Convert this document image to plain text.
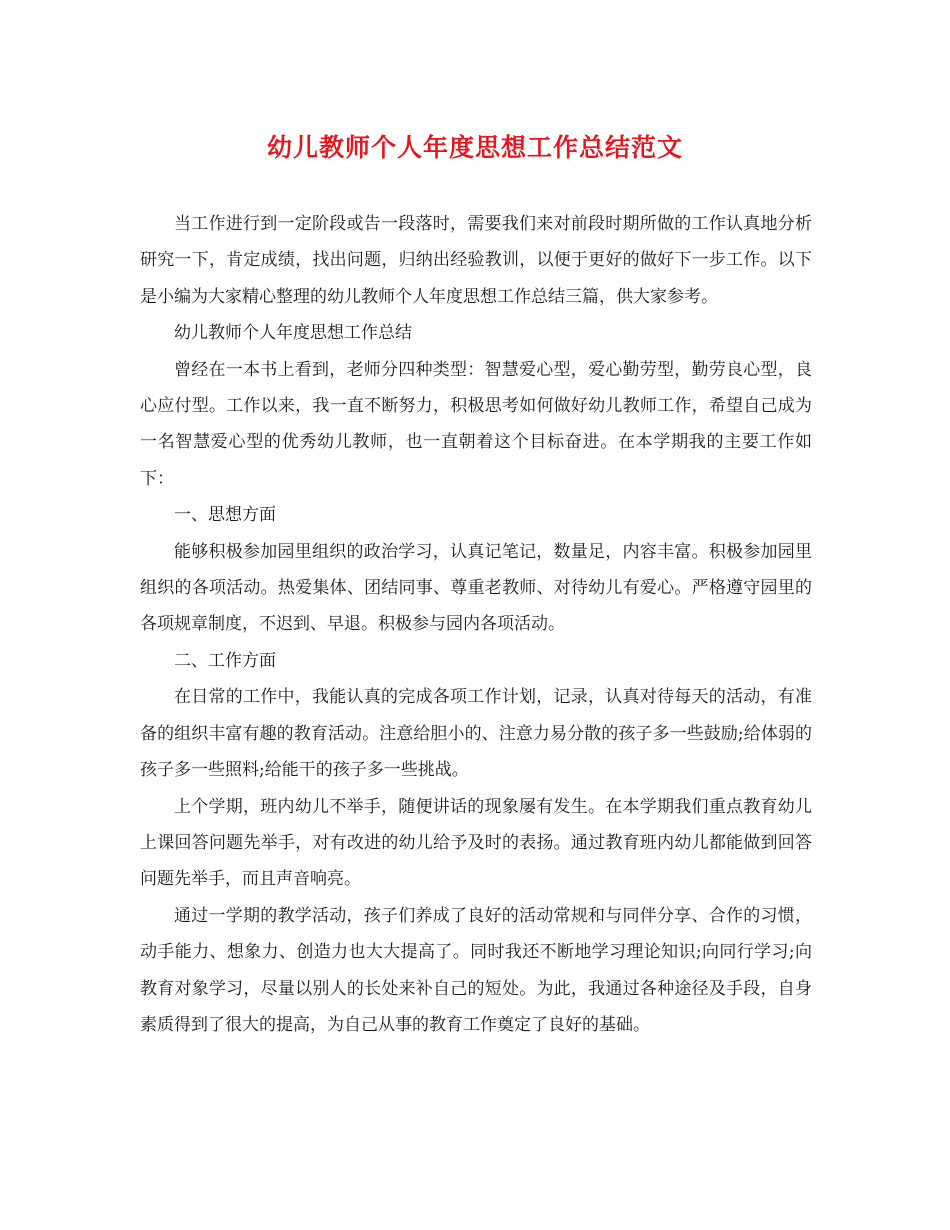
幼儿教师个人年度思想工作总结范文

当工作进行到一定阶段或告一段落时，需要我们来对前段时期所做的工作认真地分析研究一下，肯定成绩，找出问题，归纳出经验教训，以便于更好的做好下一步工作。以下是小编为大家精心整理的幼儿教师个人年度思想工作总结三篇，供大家参考。

幼儿教师个人年度思想工作总结

曾经在一本书上看到，老师分四种类型：智慧爱心型，爱心勤劳型，勤劳良心型，良心应付型。工作以来，我一直不断努力，积极思考如何做好幼儿教师工作，希望自己成为一名智慧爱心型的优秀幼儿教师，也一直朝着这个目标奋进。在本学期我的主要工作如下：

一、思想方面

能够积极参加园里组织的政治学习，认真记笔记，数量足，内容丰富。积极参加园里组织的各项活动。热爱集体、团结同事、尊重老教师、对待幼儿有爱心。严格遵守园里的各项规章制度，不迟到、早退。积极参与园内各项活动。

二、工作方面

在日常的工作中，我能认真的完成各项工作计划，记录，认真对待每天的活动，有准备的组织丰富有趣的教育活动。注意给胆小的、注意力易分散的孩子多一些鼓励;给体弱的孩子多一些照料;给能干的孩子多一些挑战。

上个学期，班内幼儿不举手，随便讲话的现象屡有发生。在本学期我们重点教育幼儿上课回答问题先举手，对有改进的幼儿给予及时的表扬。通过教育班内幼儿都能做到回答问题先举手，而且声音响亮。

通过一学期的教学活动，孩子们养成了良好的活动常规和与同伴分享、合作的习惯，动手能力、想象力、创造力也大大提高了。同时我还不断地学习理论知识;向同行学习;向教育对象学习，尽量以别人的长处来补自己的短处。为此，我通过各种途径及手段，自身素质得到了很大的提高，为自己从事的教育工作奠定了良好的基础。
